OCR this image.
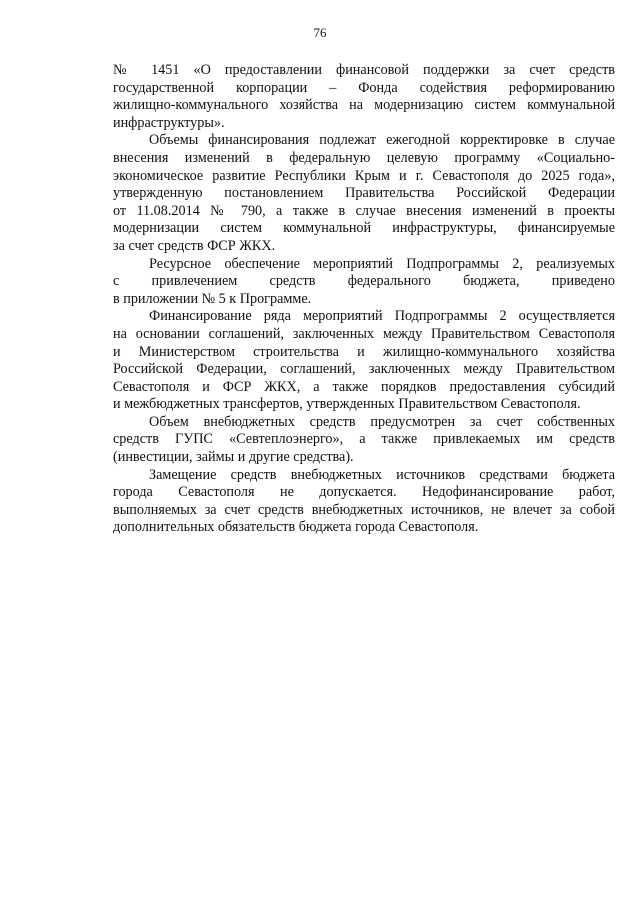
76

№ 1451 «О предоставлении финансовой поддержки за счет средств
государственной корпорации – Фонда содействия реформированию
жилищно-коммунального хозяйства на модернизацию систем коммунальной
инфраструктуры».

Объемы финансирования подлежат ежегодной корректировке в случае
внесения изменений в федеральную целевую программу «Социально-
экономическое развитие Республики Крым и г. Севастополя до 2025 года»,
утвержденную постановлением Правительства Российской Федерации
от 11.08.2014 № 790, а также в случае внесения изменений в проекты
модернизации систем коммунальной инфраструктуры, финансируемые
за счет средств ФСР ЖКХ.

Ресурсное обеспечение мероприятий Подпрограммы 2, реализуемых
с привлечением средств федерального бюджета, приведено
в приложении № 5 к Программе.

Финансирование ряда мероприятий Подпрограммы 2 осуществляется
на основании соглашений, заключенных между Правительством Севастополя
и Министерством строительства и жилищно-коммунального хозяйства
Российской Федерации, соглашений, заключенных между Правительством
Севастополя и ФСР ЖКХ, а также порядков предоставления субсидий
и межбюджетных трансфертов, утвержденных Правительством Севастополя.

Объем внебюджетных средств предусмотрен за счет собственных
средств ГУПС «Севтеплоэнерго», а также привлекаемых им средств
(инвестиции, займы и другие средства).

Замещение средств внебюджетных источников средствами бюджета
города Севастополя не допускается. Недофинансирование работ,
выполняемых за счет средств внебюджетных источников, не влечет за собой
дополнительных обязательств бюджета города Севастополя.
